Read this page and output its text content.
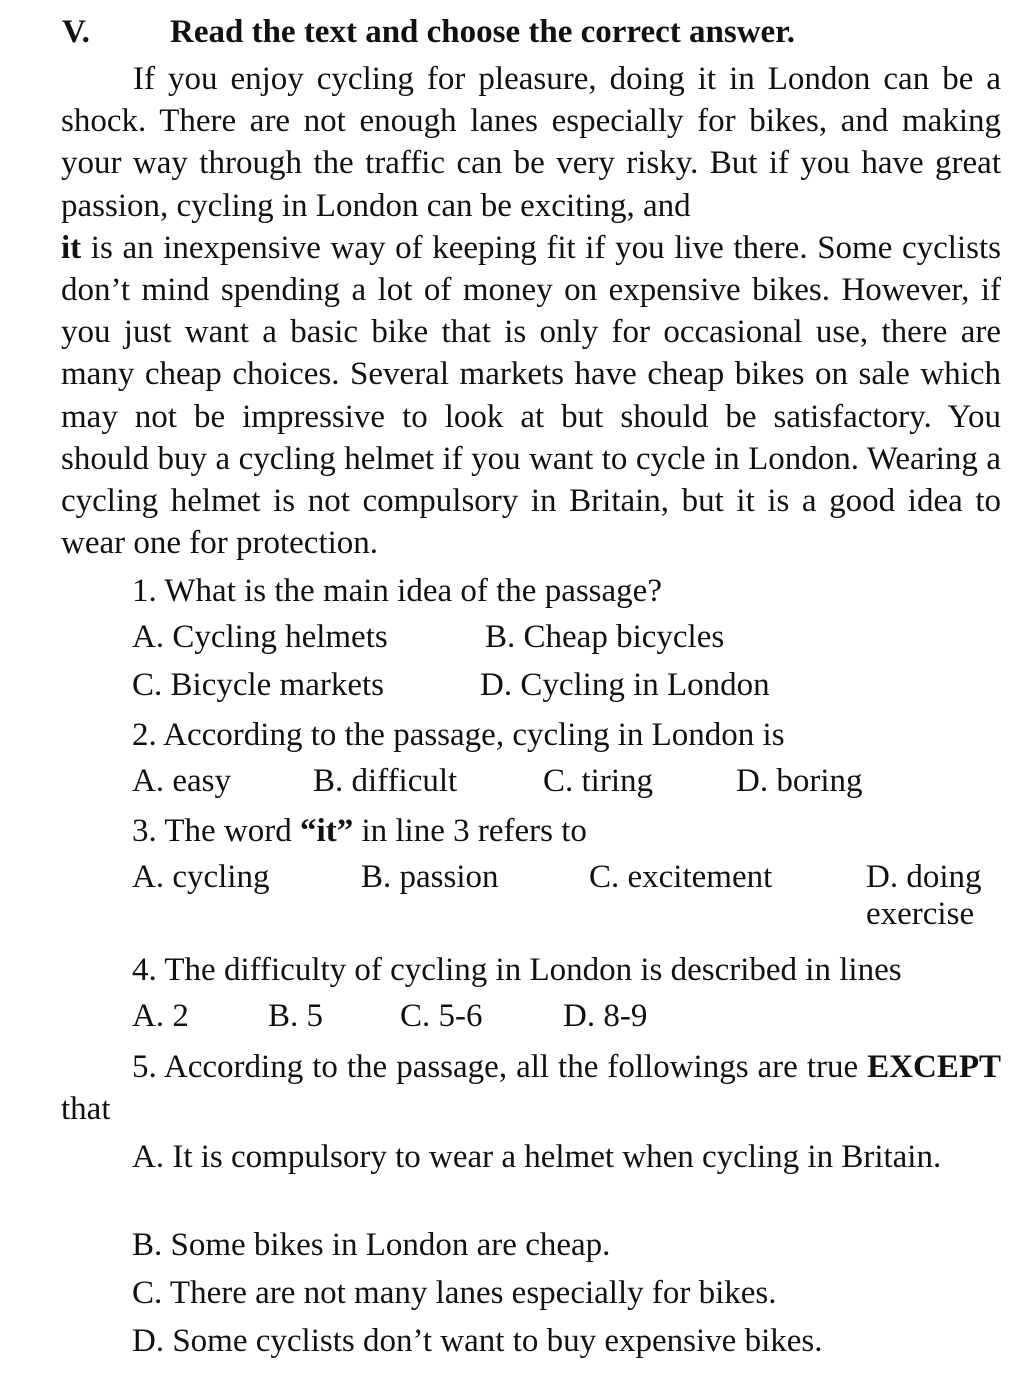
V. Read the text and choose the correct answer.

If you enjoy cycling for pleasure, doing it in London can be a shock. There are not enough lanes especially for bikes, and making your way through the traffic can be very risky. But if you have great passion, cycling in London can be exciting, and
it is an inexpensive way of keeping fit if you live there. Some cyclists don’t mind spending a lot of money on expensive bikes. However, if you just want a basic bike that is only for occasional use, there are many cheap choices. Several markets have cheap bikes on sale which may not be impressive to look at but should be satisfactory. You should buy a cycling helmet if you want to cycle in London. Wearing a cycling helmet is not compulsory in Britain, but it is a good idea to wear one for protection.

1. What is the main idea of the passage?
A. Cycling helmets	B. Cheap bicycles
C. Bicycle markets	D. Cycling in London
2. According to the passage, cycling in London is
A. easy B. difficult	C. tiring	D. boring
3. The word “it” in line 3 refers to
A. cycling	B. passion	C. excitement	D. doing exercise
4. The difficulty of cycling in London is described in lines
A. 2 B. 5 C. 5-6 D. 8-9
5. According to the passage, all the followings are true EXCEPT that
A. It is compulsory to wear a helmet when cycling in Britain.
B. Some bikes in London are cheap.
C. There are not many lanes especially for bikes.
D. Some cyclists don’t want to buy expensive bikes.
